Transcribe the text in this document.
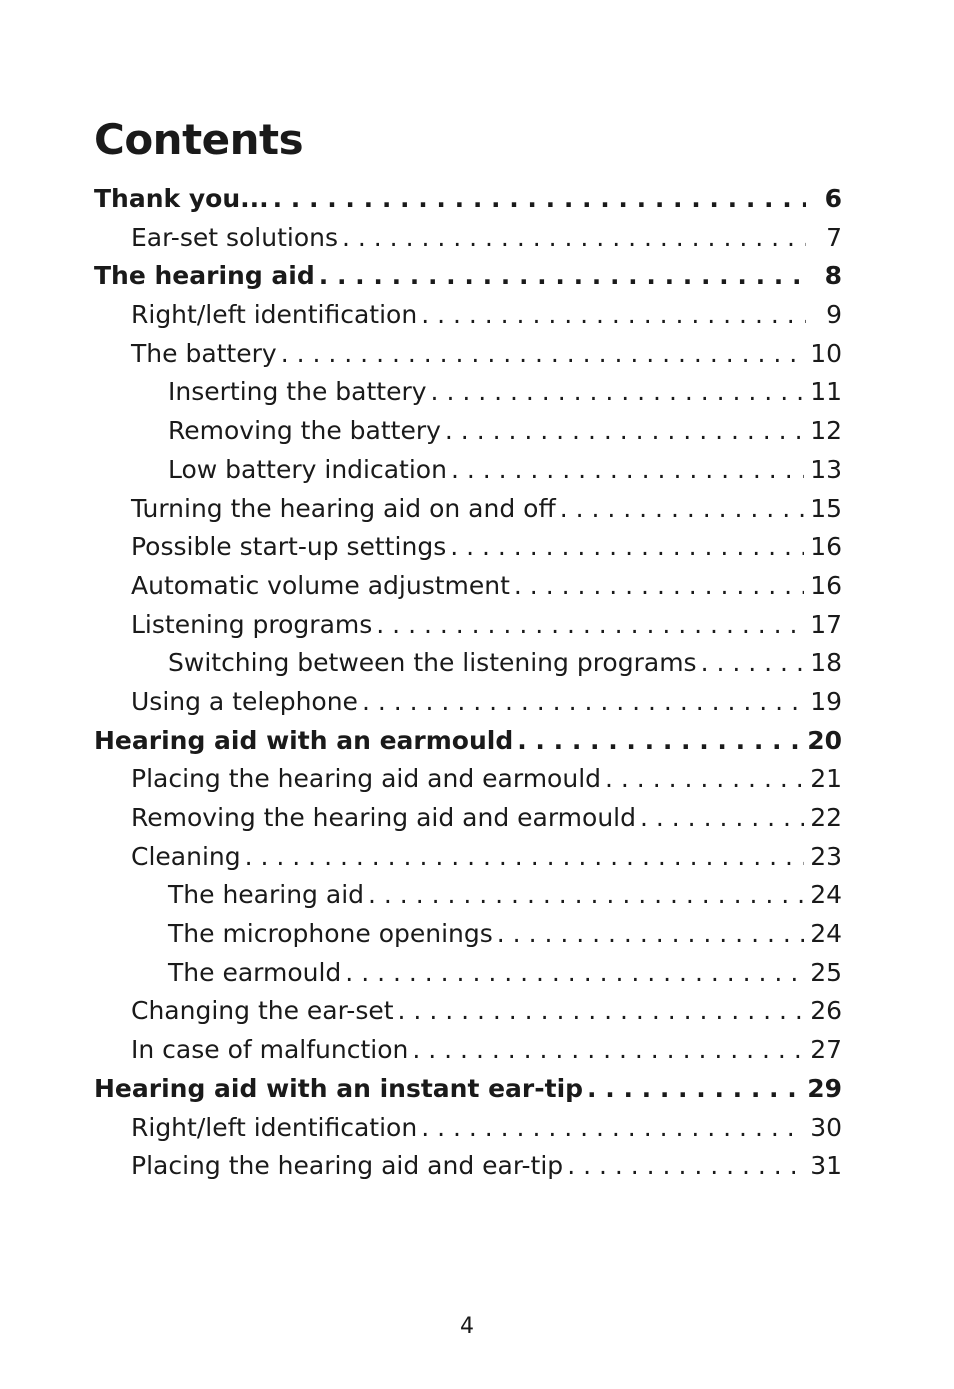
Contents
Thank you... . . .	6
Ear-set solutions . . .	7
The hearing aid . . .	8
Right/left identification . . .	9
The battery . . .	10
Inserting the battery . . .	11
Removing the battery . . .	12
Low battery indication . . .	13
Turning the hearing aid on and off . . .	15
Possible start-up settings . . .	16
Automatic volume adjustment . . .	16
Listening programs . . .	17
Switching between the listening programs . . .	18
Using a telephone . . .	19
Hearing aid with an earmould . . .	20
Placing the hearing aid and earmould . . .	21
Removing the hearing aid and earmould . . .	22
Cleaning . . .	23
The hearing aid . . .	24
The microphone openings . . .	24
The earmould . . .	25
Changing the ear-set . . .	26
In case of malfunction . . .	27
Hearing aid with an instant ear-tip . . .	29
Right/left identification . . .	30
Placing the hearing aid and ear-tip . . .	31
4
